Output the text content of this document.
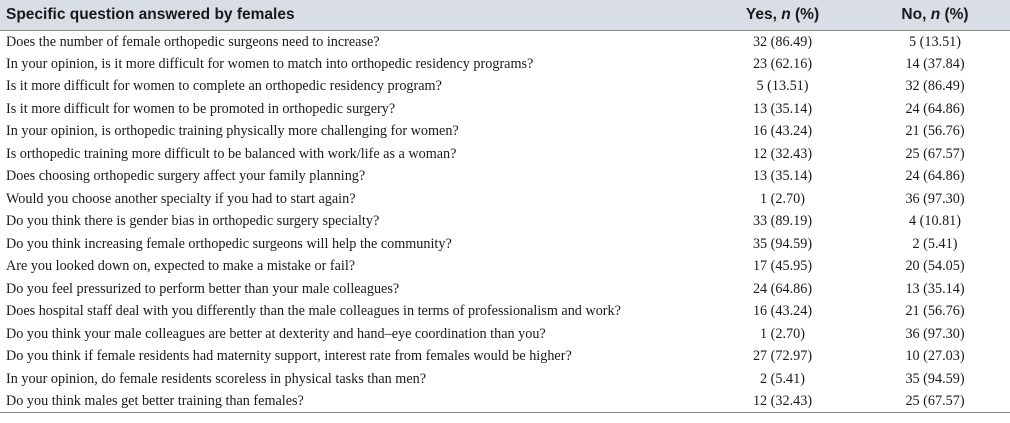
Specific question answered by females	Yes, n (%)	No, n (%)
Does the number of female orthopedic surgeons need to increase?	32 (86.49)	5 (13.51)
In your opinion, is it more difficult for women to match into orthopedic residency programs?	23 (62.16)	14 (37.84)
Is it more difficult for women to complete an orthopedic residency program?	5 (13.51)	32 (86.49)
Is it more difficult for women to be promoted in orthopedic surgery?	13 (35.14)	24 (64.86)
In your opinion, is orthopedic training physically more challenging for women?	16 (43.24)	21 (56.76)
Is orthopedic training more difficult to be balanced with work/life as a woman?	12 (32.43)	25 (67.57)
Does choosing orthopedic surgery affect your family planning?	13 (35.14)	24 (64.86)
Would you choose another specialty if you had to start again?	1 (2.70)	36 (97.30)
Do you think there is gender bias in orthopedic surgery specialty?	33 (89.19)	4 (10.81)
Do you think increasing female orthopedic surgeons will help the community?	35 (94.59)	2 (5.41)
Are you looked down on, expected to make a mistake or fail?	17 (45.95)	20 (54.05)
Do you feel pressurized to perform better than your male colleagues?	24 (64.86)	13 (35.14)
Does hospital staff deal with you differently than the male colleagues in terms of professionalism and work?	16 (43.24)	21 (56.76)
Do you think your male colleagues are better at dexterity and hand–eye coordination than you?	1 (2.70)	36 (97.30)
Do you think if female residents had maternity support, interest rate from females would be higher?	27 (72.97)	10 (27.03)
In your opinion, do female residents scoreless in physical tasks than men?	2 (5.41)	35 (94.59)
Do you think males get better training than females?	12 (32.43)	25 (67.57)
